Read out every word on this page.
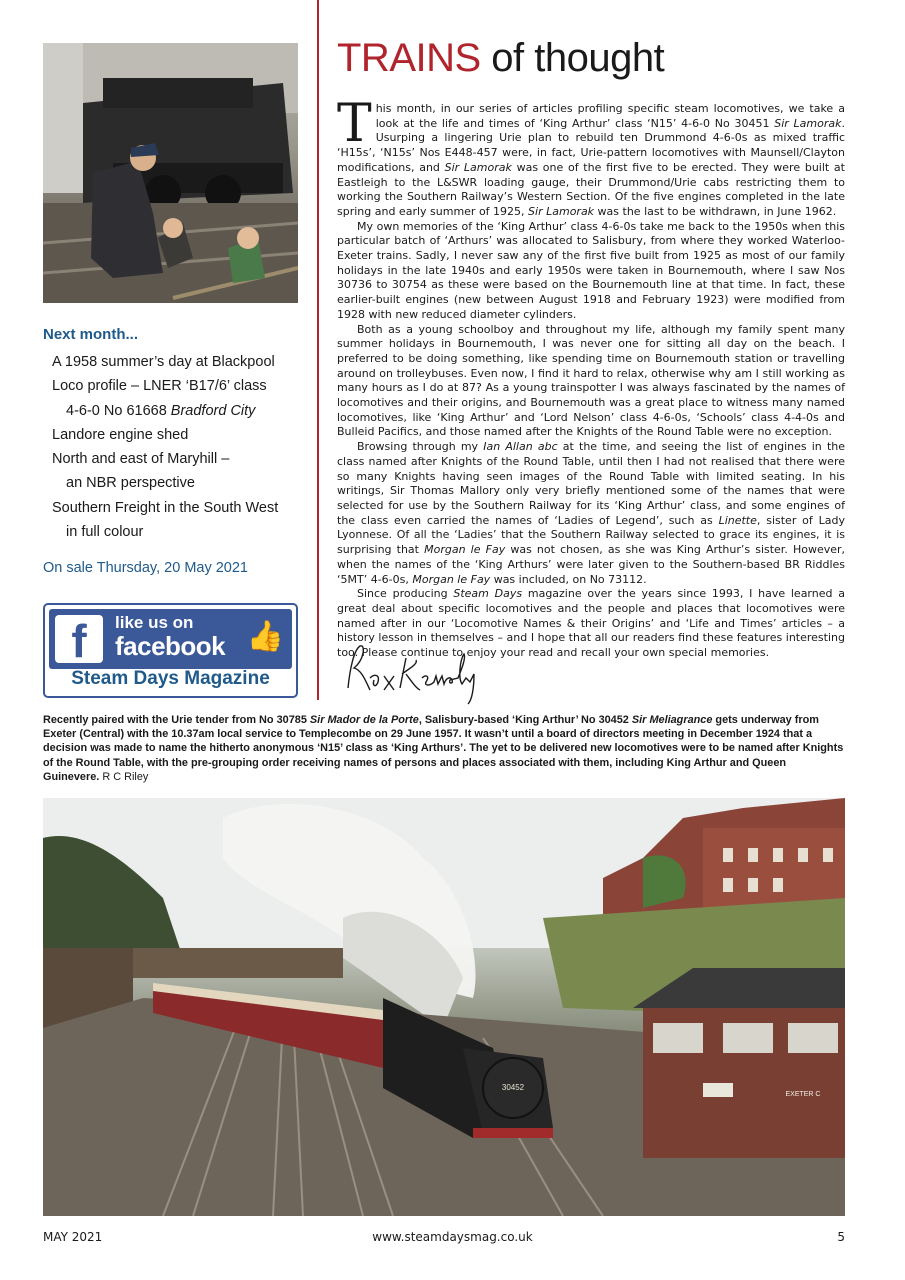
Next month...
A 1958 summer’s day at Blackpool
Loco profile – LNER ‘B17/6’ class
4-6-0 No 61668 Bradford City
Landore engine shed
North and east of Maryhill –
an NBR perspective
Southern Freight in the South West
in full colour
On sale Thursday, 20 May 2021
f	like us on
facebook 👍
Steam Days Magazine
TRAINS of thought

This month, in our series of articles profiling specific steam locomotives, we take a look at the life and times of ‘King Arthur’ class ‘N15’ 4-6-0 No 30451 Sir Lamorak. Usurping a lingering Urie plan to rebuild ten Drummond 4-6-0s as mixed traffic ‘H15s’, ‘N15s’ Nos E448-457 were, in fact, Urie-pattern locomotives with Maunsell/Clayton modifications, and Sir Lamorak was one of the first five to be erected. They were built at Eastleigh to the L&SWR loading gauge, their Drummond/Urie cabs restricting them to working the Southern Railway’s Western Section. Of the five engines completed in the late spring and early summer of 1925, Sir Lamorak was the last to be withdrawn, in June 1962.

My own memories of the ‘King Arthur’ class 4-6-0s take me back to the 1950s when this particular batch of ‘Arthurs’ was allocated to Salisbury, from where they worked Waterloo-Exeter trains. Sadly, I never saw any of the first five built from 1925 as most of our family holidays in the late 1940s and early 1950s were taken in Bournemouth, where I saw Nos 30736 to 30754 as these were based on the Bournemouth line at that time. In fact, these earlier-built engines (new between August 1918 and February 1923) were modified from 1928 with new reduced diameter cylinders.

Both as a young schoolboy and throughout my life, although my family spent many summer holidays in Bournemouth, I was never one for sitting all day on the beach. I preferred to be doing something, like spending time on Bournemouth station or travelling around on trolleybuses. Even now, I find it hard to relax, otherwise why am I still working as many hours as I do at 87? As a young trainspotter I was always fascinated by the names of locomotives and their origins, and Bournemouth was a great place to witness many named locomotives, like ‘King Arthur’ and ‘Lord Nelson’ class 4-6-0s, ‘Schools’ class 4-4-0s and Bulleid Pacifics, and those named after the Knights of the Round Table were no exception.

Browsing through my Ian Allan abc at the time, and seeing the list of engines in the class named after Knights of the Round Table, until then I had not realised that there were so many Knights having seen images of the Round Table with limited seating. In his writings, Sir Thomas Mallory only very briefly mentioned some of the names that were selected for use by the Southern Railway for its ‘King Arthur’ class, and some engines of the class even carried the names of ‘Ladies of Legend’, such as Linette, sister of Lady Lyonnese. Of all the ‘Ladies’ that the Southern Railway selected to grace its engines, it is surprising that Morgan le Fay was not chosen, as she was King Arthur’s sister. However, when the names of the ‘King Arthurs’ were later given to the Southern-based BR Riddles ‘5MT’ 4-6-0s, Morgan le Fay was included, on No 73112.

Since producing Steam Days magazine over the years since 1993, I have learned a great deal about specific locomotives and the people and places that locomotives were named after in our ‘Locomotive Names & their Origins’ and ‘Life and Times’ articles – a history lesson in themselves – and I hope that all our readers find these features interesting too. Please continue to enjoy your read and recall your own special memories.

Recently paired with the Urie tender from No 30785 Sir Mador de la Porte, Salisbury-based ‘King Arthur’ No 30452 Sir Meliagrance gets underway from Exeter (Central) with the 10.37am local service to Templecombe on 29 June 1957. It wasn’t until a board of directors meeting in December 1924 that a decision was made to name the hitherto anonymous ‘N15’ class as ‘King Arthurs’. The yet to be delivered new locomotives were to be named after Knights of the Round Table, with the pre-grouping order receiving names of persons and places associated with them, including King Arthur and Queen Guinevere. R C Riley
30452
EXETER C
MAY 2021	www.steamdaysmag.co.uk	5
